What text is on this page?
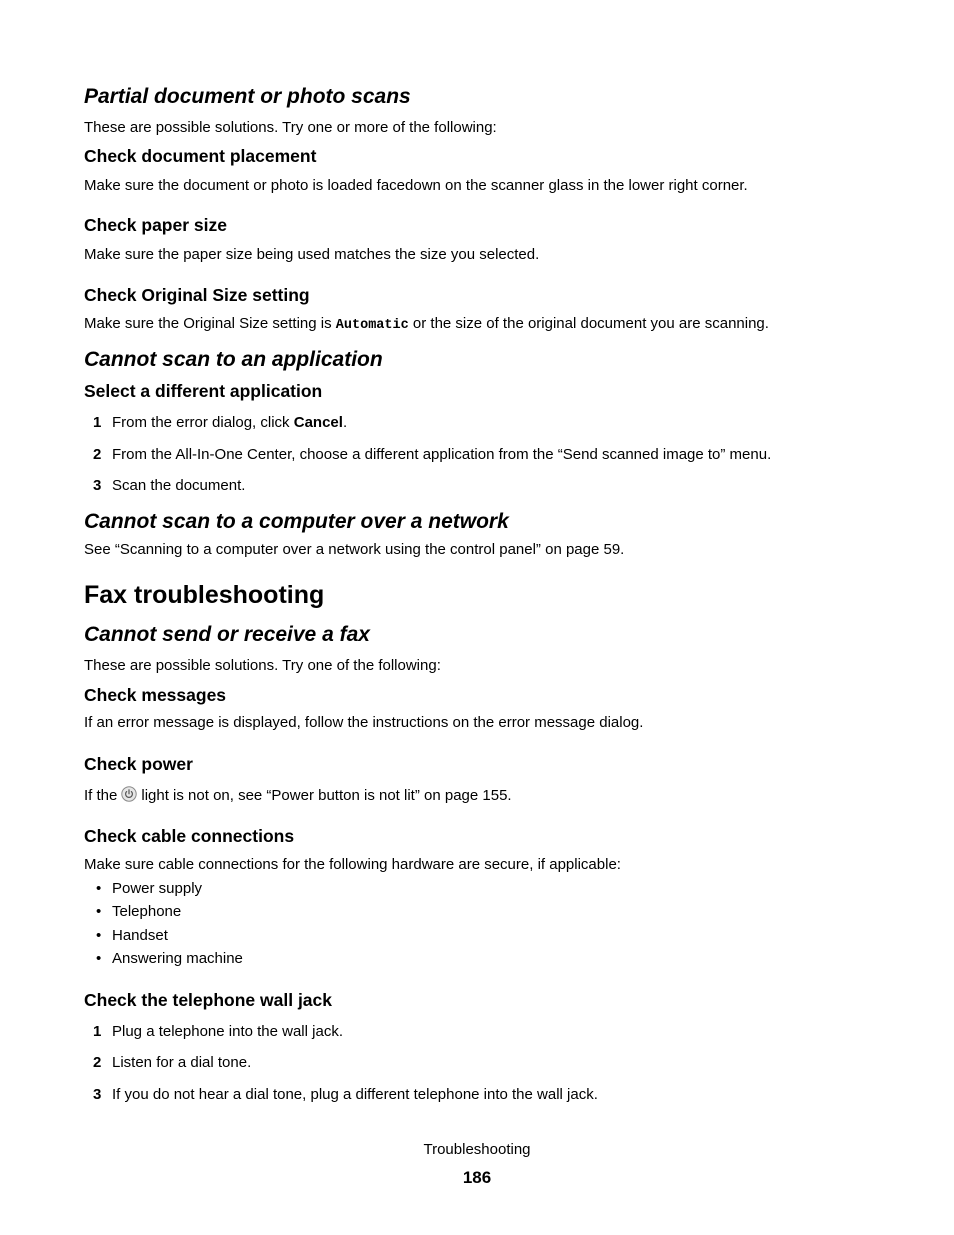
Partial document or photo scans
These are possible solutions. Try one or more of the following:
Check document placement
Make sure the document or photo is loaded facedown on the scanner glass in the lower right corner.
Check paper size
Make sure the paper size being used matches the size you selected.
Check Original Size setting
Make sure the Original Size setting is Automatic or the size of the original document you are scanning.
Cannot scan to an application
Select a different application
1 From the error dialog, click Cancel.
2 From the All-In-One Center, choose a different application from the “Send scanned image to” menu.
3 Scan the document.
Cannot scan to a computer over a network
See “Scanning to a computer over a network using the control panel” on page 59.
Fax troubleshooting
Cannot send or receive a fax
These are possible solutions. Try one of the following:
Check messages
If an error message is displayed, follow the instructions on the error message dialog.
Check power
If the light is not on, see “Power button is not lit” on page 155.
Check cable connections
Make sure cable connections for the following hardware are secure, if applicable:
• Power supply
• Telephone
• Handset
• Answering machine
Check the telephone wall jack
1 Plug a telephone into the wall jack.
2 Listen for a dial tone.
3 If you do not hear a dial tone, plug a different telephone into the wall jack.
Troubleshooting
186
